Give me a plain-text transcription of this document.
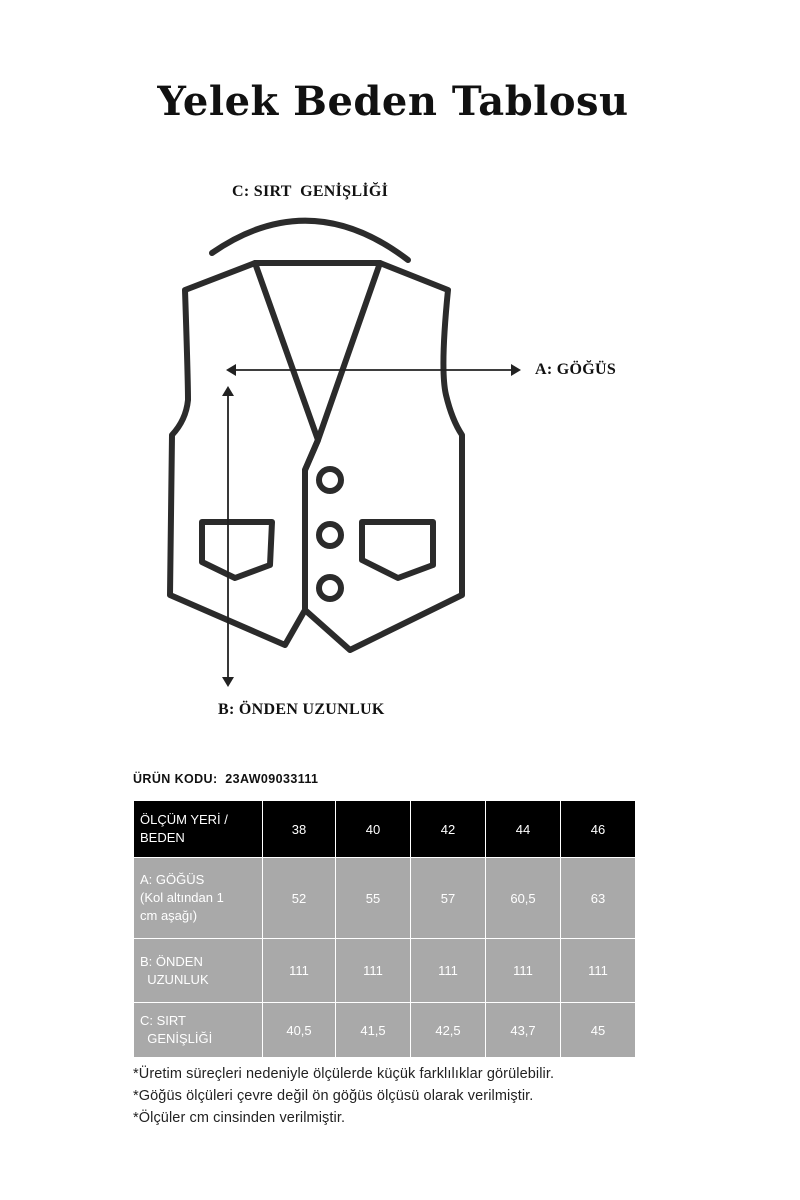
Yelek Beden Tablosu
C: SIRT  GENİŞLİĞİ
A: GÖĞÜS
B: ÖNDEN UZUNLUK
ÜRÜN KODU:  23AW09033111
ÖLÇÜM YERİ /
BEDEN	38	40	42	44	46

A: GÖĞÜS
(Kol altından 1
cm aşağı)	52	55	57	60,5	63

B: ÖNDEN
UZUNLUK	111	111	111	111	111

C: SIRT
GENİŞLİĞİ	40,5	41,5	42,5	43,7	45
*Üretim süreçleri nedeniyle ölçülerde küçük farklılıklar görülebilir.
*Göğüs ölçüleri çevre değil ön göğüs ölçüsü olarak verilmiştir.
*Ölçüler cm cinsinden verilmiştir.
